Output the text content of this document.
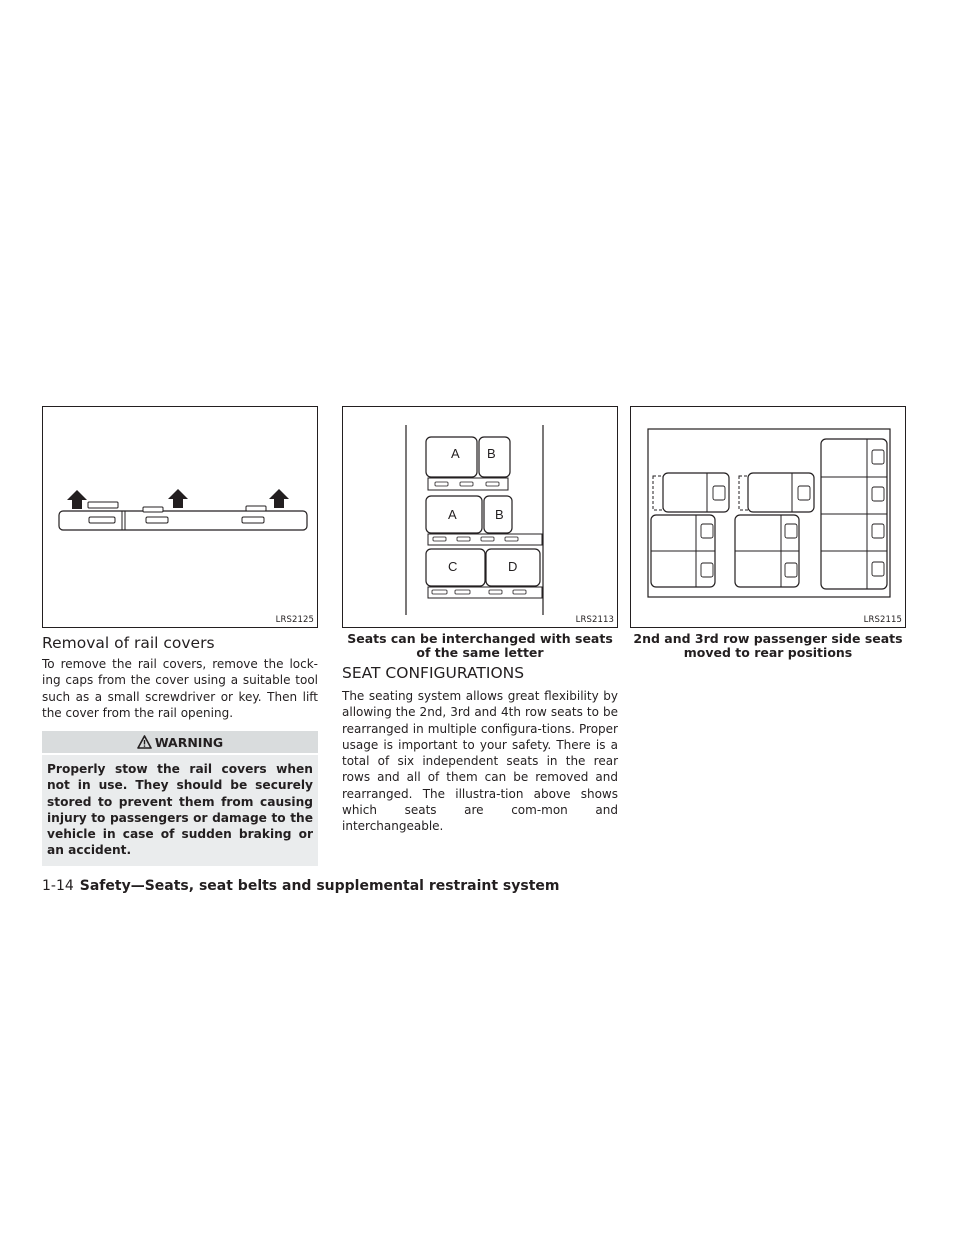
LRS2125
A B
A	B
C	D
LRS2113	LRS2115
Seats can be interchanged with seats of the same letter
2nd and 3rd row passenger side seats moved to rear positions
Removal of rail covers

To remove the rail covers, remove the lock-ing caps from the cover using a suitable tool such as a small screwdriver or key. Then lift the cover from the rail opening.

WARNING
Properly stow the rail covers when not in use. They should be securely stored to prevent them from causing injury to passengers or damage to the vehicle in case of sudden braking or an accident.
SEAT CONFIGURATIONS

The seating system allows great flexibility by allowing the 2nd, 3rd and 4th row seats to be rearranged in multiple configura-tions. Proper usage is important to your safety. There is a total of six independent seats in the rear rows and all of them can be removed and rearranged. The illustra-tion above shows which seats are com-mon and interchangeable.

1-14 Safety—Seats, seat belts and supplemental restraint system
